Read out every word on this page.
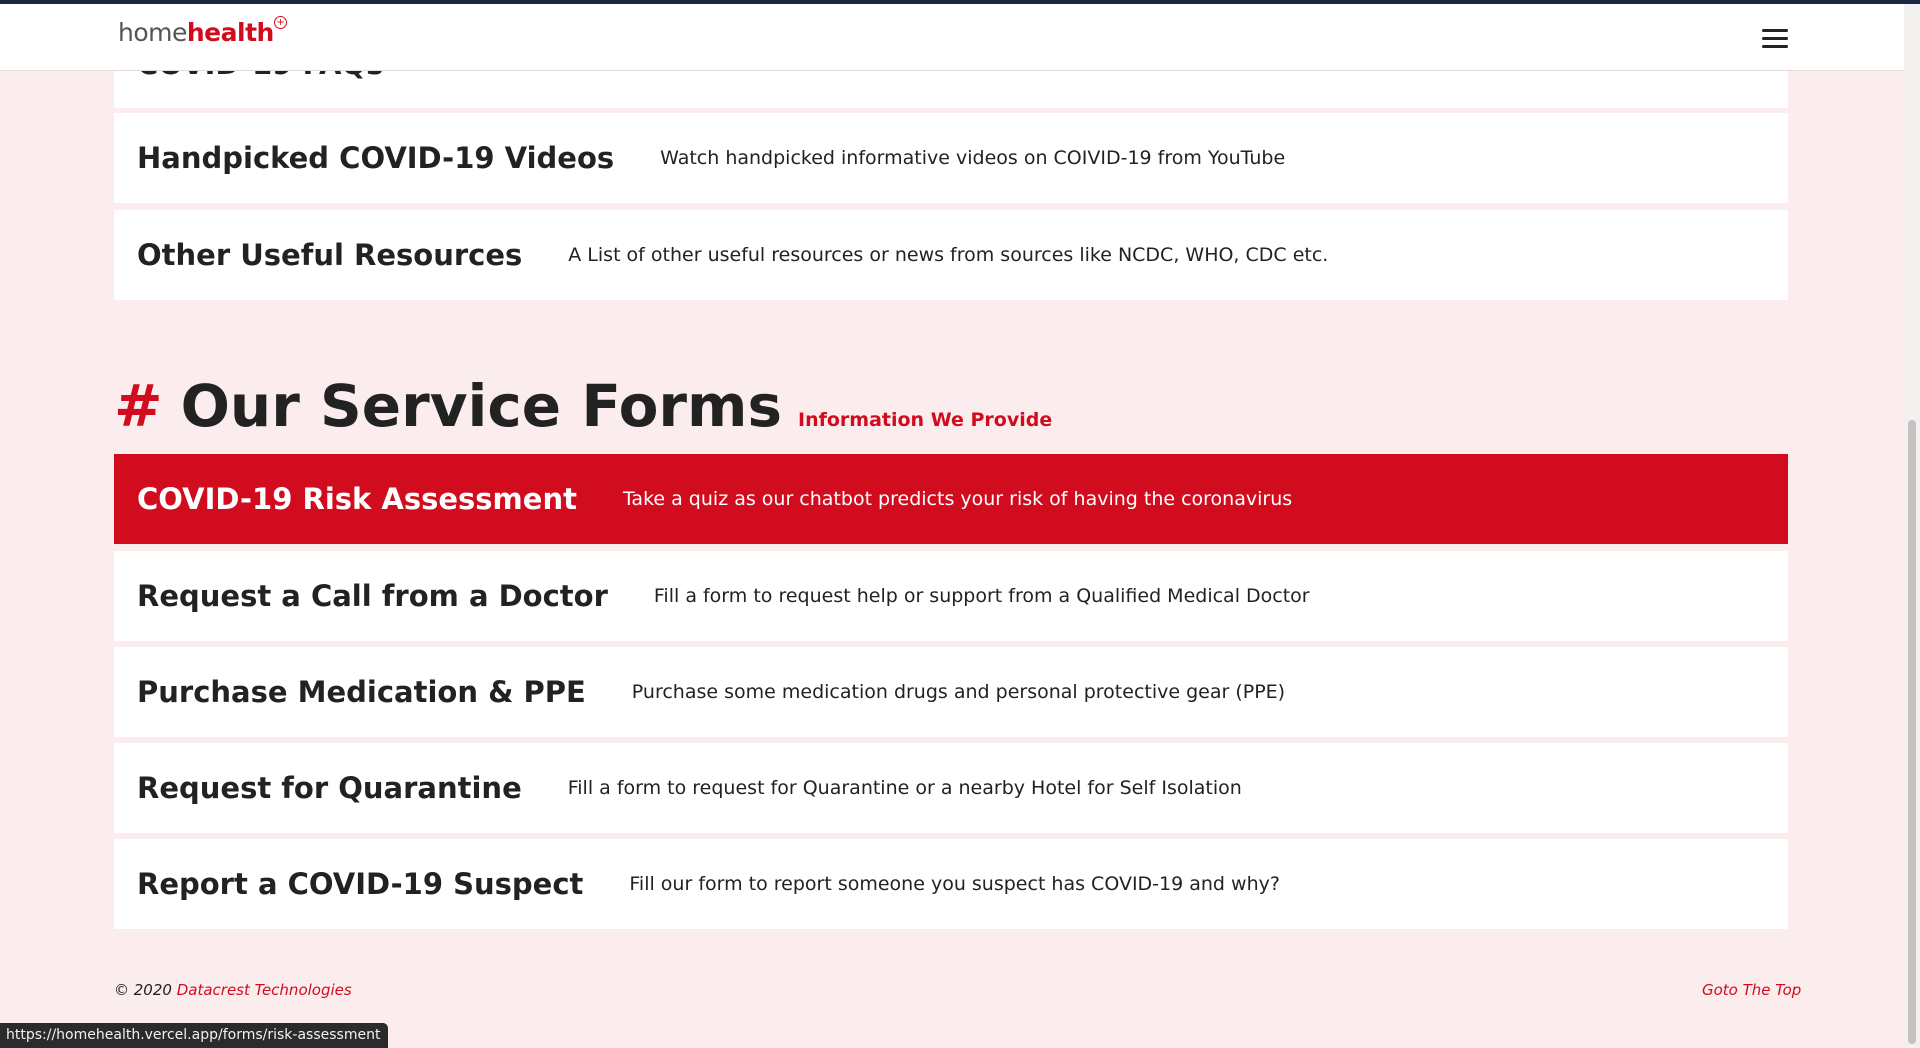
homehealth +
Handpicked COVID-19 Videos Watch handpicked informative videos on COIVID-19 from YouTube
Other Useful Resources A List of other useful resources or news from sources like NCDC, WHO, CDC etc.
# Our Service Forms Information We Provide
COVID-19 Risk Assessment Take a quiz as our chatbot predicts your risk of having the coronavirus
Request a Call from a Doctor Fill a form to request help or support from a Qualified Medical Doctor
Purchase Medication & PPE Purchase some medication drugs and personal protective gear (PPE)
Request for Quarantine Fill a form to request for Quarantine or a nearby Hotel for Self Isolation
Report a COVID-19 Suspect Fill our form to report someone you suspect has COVID-19 and why?
© 2020 Datacrest Technologies	Goto The Top
https://homehealth.vercel.app/forms/risk-assessment
